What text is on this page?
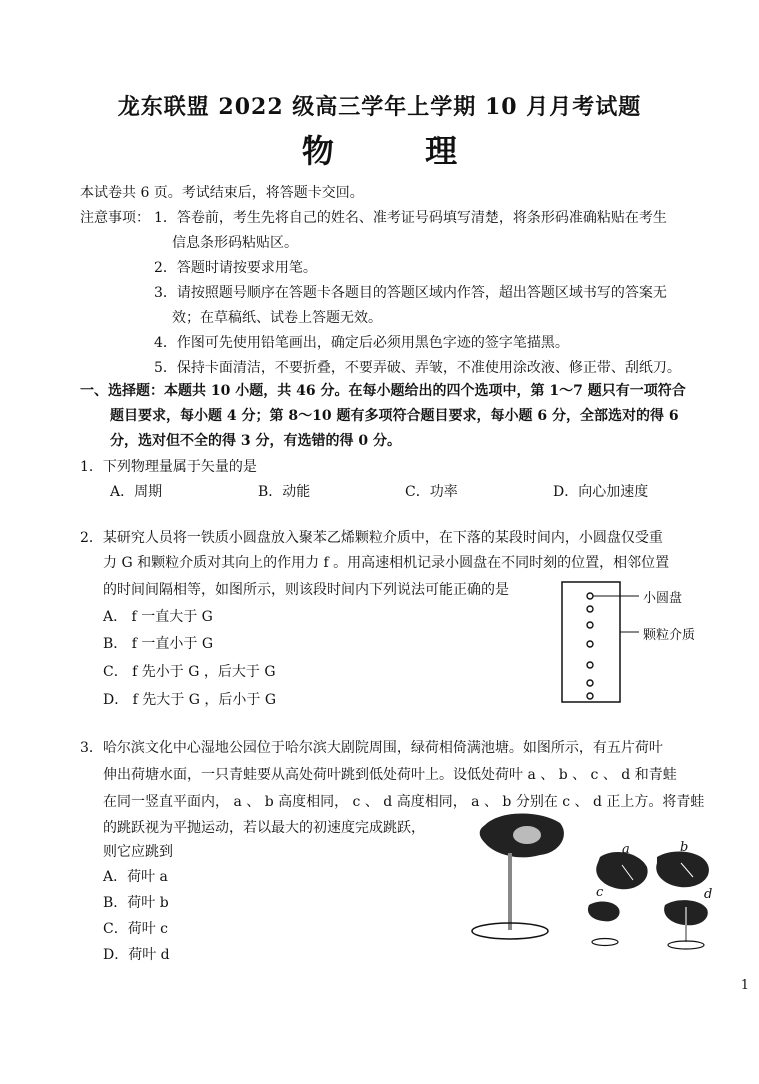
龙东联盟 2022 级高三学年上学期 10 月月考试题
物 理
本试卷共 6 页。考试结束后，将答题卡交回。
注意事项： 1．答卷前，考生先将自己的姓名、准考证号码填写清楚，将条形码准确粘贴在考生
信息条形码粘贴区。
2．答题时请按要求用笔。
3．请按照题号顺序在答题卡各题目的答题区域内作答，超出答题区域书写的答案无
效；在草稿纸、试卷上答题无效。
4．作图可先使用铅笔画出，确定后必须用黑色字迹的签字笔描黑。
5．保持卡面清洁，不要折叠，不要弄破、弄皱，不准使用涂改液、修正带、刮纸刀。
一、选择题：本题共 10 小题，共 46 分。在每小题给出的四个选项中，第 1～7 题只有一项符合
题目要求，每小题 4 分；第 8～10 题有多项符合题目要求，每小题 6 分，全部选对的得 6
分，选对但不全的得 3 分，有选错的得 0 分。
1．下列物理量属于矢量的是
A．周期	B．动能	C．功率	D．向心加速度
2．某研究人员将一铁质小圆盘放入聚苯乙烯颗粒介质中，在下落的某段时间内，小圆盘仅受重
力 G 和颗粒介质对其向上的作用力 f 。用高速相机记录小圆盘在不同时刻的位置，相邻位置
的时间间隔相等，如图所示，则该段时间内下列说法可能正确的是
A． f 一直大于 G
B． f 一直小于 G
C． f 先小于 G ，后大于 G
D． f 先大于 G ，后小于 G
小圆盘
颗粒介质
3．哈尔滨文化中心湿地公园位于哈尔滨大剧院周围，绿荷相倚满池塘。如图所示，有五片荷叶
伸出荷塘水面，一只青蛙要从高处荷叶跳到低处荷叶上。设低处荷叶 a 、 b 、 c 、 d 和青蛙
在同一竖直平面内， a 、 b 高度相同， c 、 d 高度相同， a 、 b 分别在 c 、 d 正上方。将青蛙
的跳跃视为平抛运动，若以最大的初速度完成跳跃，
则它应跳到
A．荷叶 a
B．荷叶 b
C．荷叶 c
D．荷叶 d
a	b
c	d
1
